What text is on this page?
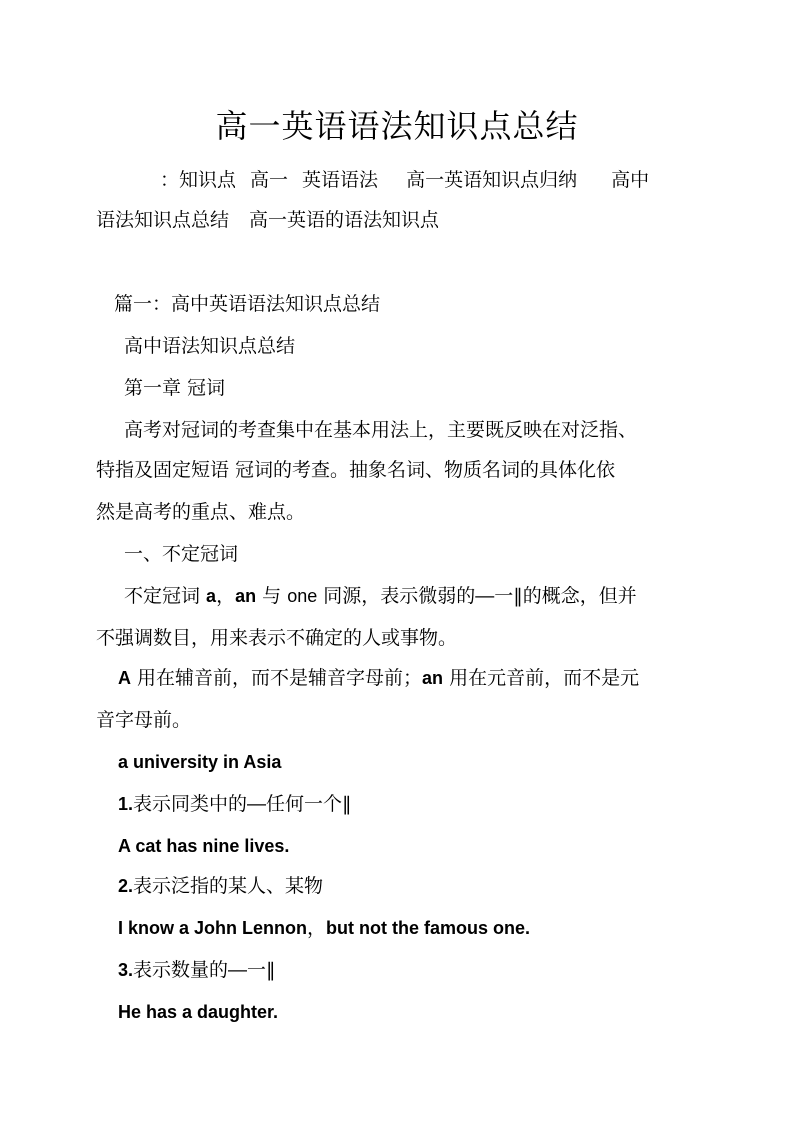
高一英语语法知识点总结
：知识点 高一 英语语法 高一英语知识点归纳 高中
语法知识点总结 高一英语的语法知识点
篇一：高中英语语法知识点总结
高中语法知识点总结
第一章 冠词
高考对冠词的考查集中在基本用法上，主要既反映在对泛指、
特指及固定短语 冠词的考查。抽象名词、物质名词的具体化依
然是高考的重点、难点。
一、不定冠词
不定冠词 a，an 与 one 同源，表示微弱的―一‖的概念，但并
不强调数目，用来表示不确定的人或事物。
A 用在辅音前，而不是辅音字母前；an 用在元音前，而不是元
音字母前。
a university in Asia
1.表示同类中的―任何一个‖
A cat has nine lives.
2.表示泛指的某人、某物
I know a John Lennon，but not the famous one.
3.表示数量的―一‖
He has a daughter.
